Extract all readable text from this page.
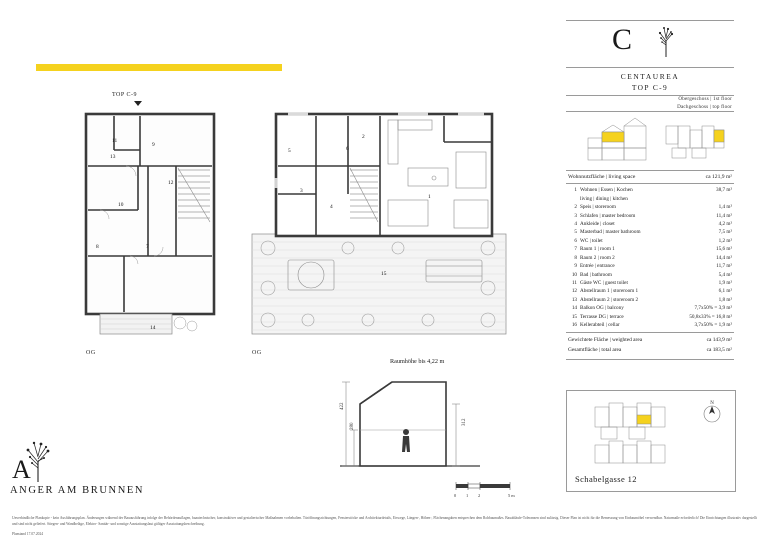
C
CENTAUREA
TOP C-9
Obergeschoss | 1st floor
Dachgeschoss | top floor
Wohnnutzfläche | living space	ca 121,9 m²
1 Wohnen | Essen | Kochen	38,7 m²
living | dining | kitchen
2 Speis | storeroom	1,4 m²
3 Schlafen | master bedroom	11,4 m²
4 Ankleide | closet	4,2 m²
5 Masterbad | master bathroom	7,5 m²
6 WC | toilet	1,2 m²
7 Raum 1 | room 1	15,6 m²
8 Raum 2 | room 2	14,4 m²
9 Entrée | entrance	11,7 m²
10 Bad | bathroom	5,4 m²
11 Gäste WC | guest toilet	1,9 m²
12 Abstellraum 1 | storeroom 1	6,1 m²
13 Abstellraum 2 | storeroom 2	1,8 m²
14 Balkon OG | balcony	7,7x50% = 3,9 m²
15 Terrasse DG | terrace	50,8x33% = 16,8 m²
16 Kellerabteil | cellar	3,7x50% = 1,9 m²
Gewichtete Fläche | weighted area	ca 143,9 m²
Gesamtfläche | total area	ca 183,5 m²
N
Schabelgasse 12
TOP C-9
11
13
9
12
10
8	7
14
OG
5
2
6
3
1
4
15
OG
Raumhöhe bis 4,22 m
422
280
312
0 1 2	5 m
A
ANGER AM BRUNNEN
Unverbindliche Plankopie - kein Ausführungsplan. Änderungen während der Bauausführung infolge der Behördenauflagen, baautechnischer, konstruktiver und gestalterischer Maßnahmen vorbehalten. Türöffnungsrichtungen, Fensterstöcke und Architekturdetails, Eiswege, Längen-, Höhen-, Flächenangaben entsprechen dem Rohbaumaßes. Bauabläufe-Toleranzen sind zulässig. Dieser Plan ist nicht für die Bemessung von Einbaumöbel verwendbar. Naturmaße erforderlich! Die Einrichtungen illustrativ dargestellt und sind nicht geliefert. Stiegen- und Wandbeläge, Elektro- Sanitär- und sonstige Ausstattungslaut gültiger Ausstattungsbeschreibung.
Planstand 17.07.2024
